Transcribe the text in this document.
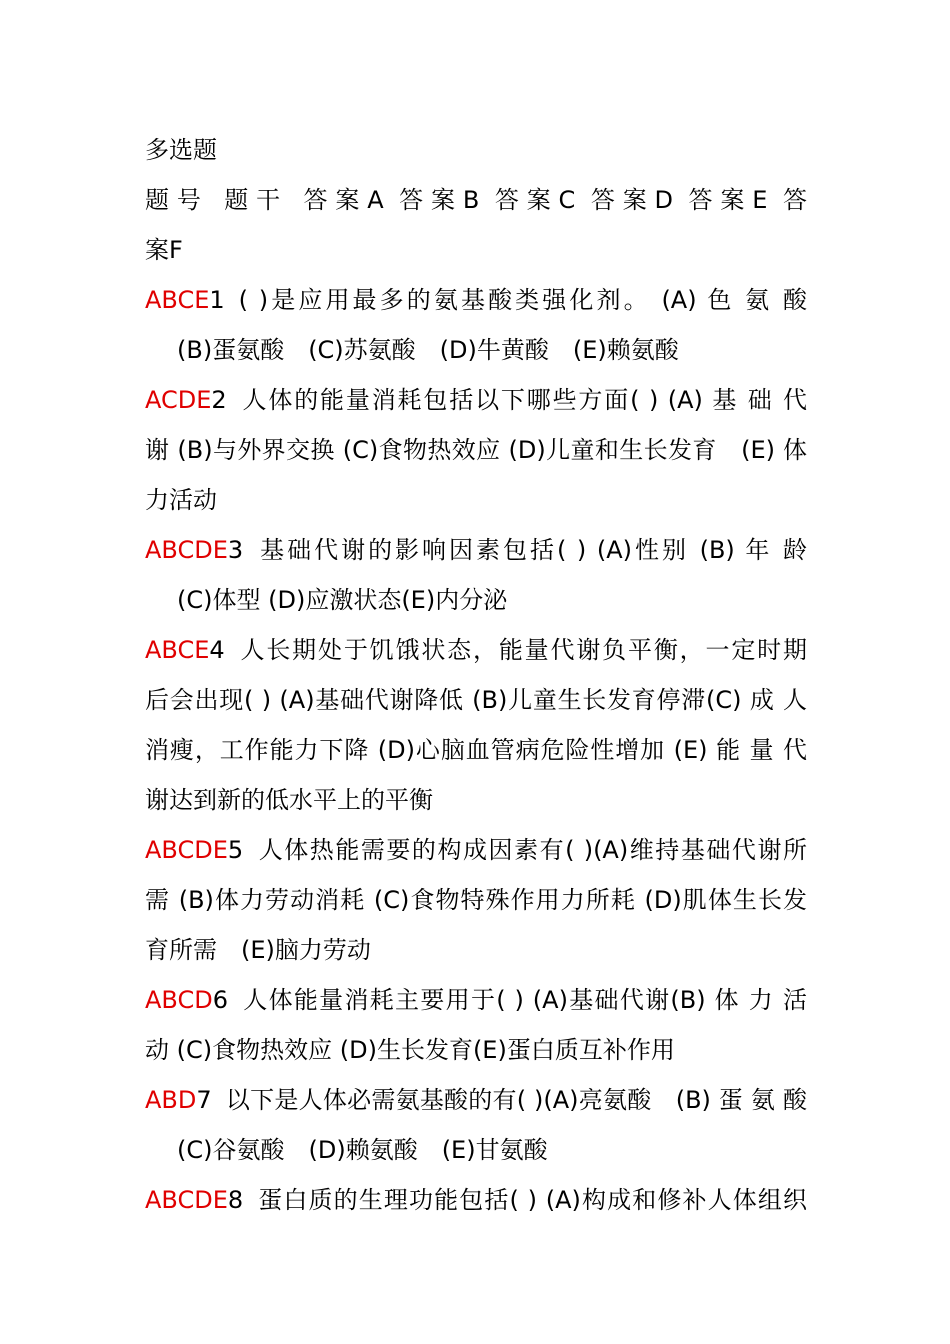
多选题
题号 题干 答案A 答案B 答案C 答案D 答案E 答
案F
ABCE1 ( )是应用最多的氨基酸类强化剂。 (A) 色 氨 酸
(B)蛋氨酸　(C)苏氨酸　(D)牛黄酸　(E)赖氨酸
ACDE2 人体的能量消耗包括以下哪些方面( ) (A) 基 础 代
谢 (B)与外界交换 (C)食物热效应 (D)儿童和生长发育　(E) 体
力活动
ABCDE3 基础代谢的影响因素包括( ) (A)性别 (B) 年 龄
(C)体型 (D)应激状态(E)内分泌
ABCE4 人长期处于饥饿状态，能量代谢负平衡，一定时期
后会出现( ) (A)基础代谢降低 (B)儿童生长发育停滞(C) 成 人
消瘦，工作能力下降 (D)心脑血管病危险性增加 (E) 能 量 代
谢达到新的低水平上的平衡
ABCDE5 人体热能需要的构成因素有( )(A)维持基础代谢所
需 (B)体力劳动消耗 (C)食物特殊作用力所耗 (D)肌体生长发
育所需　(E)脑力劳动
ABCD6 人体能量消耗主要用于( ) (A)基础代谢(B) 体 力 活
动 (C)食物热效应 (D)生长发育(E)蛋白质互补作用
ABD7 以下是人体必需氨基酸的有( )(A)亮氨酸　(B) 蛋 氨 酸
(C)谷氨酸　(D)赖氨酸　(E)甘氨酸
ABCDE8 蛋白质的生理功能包括( ) (A)构成和修补人体组织
